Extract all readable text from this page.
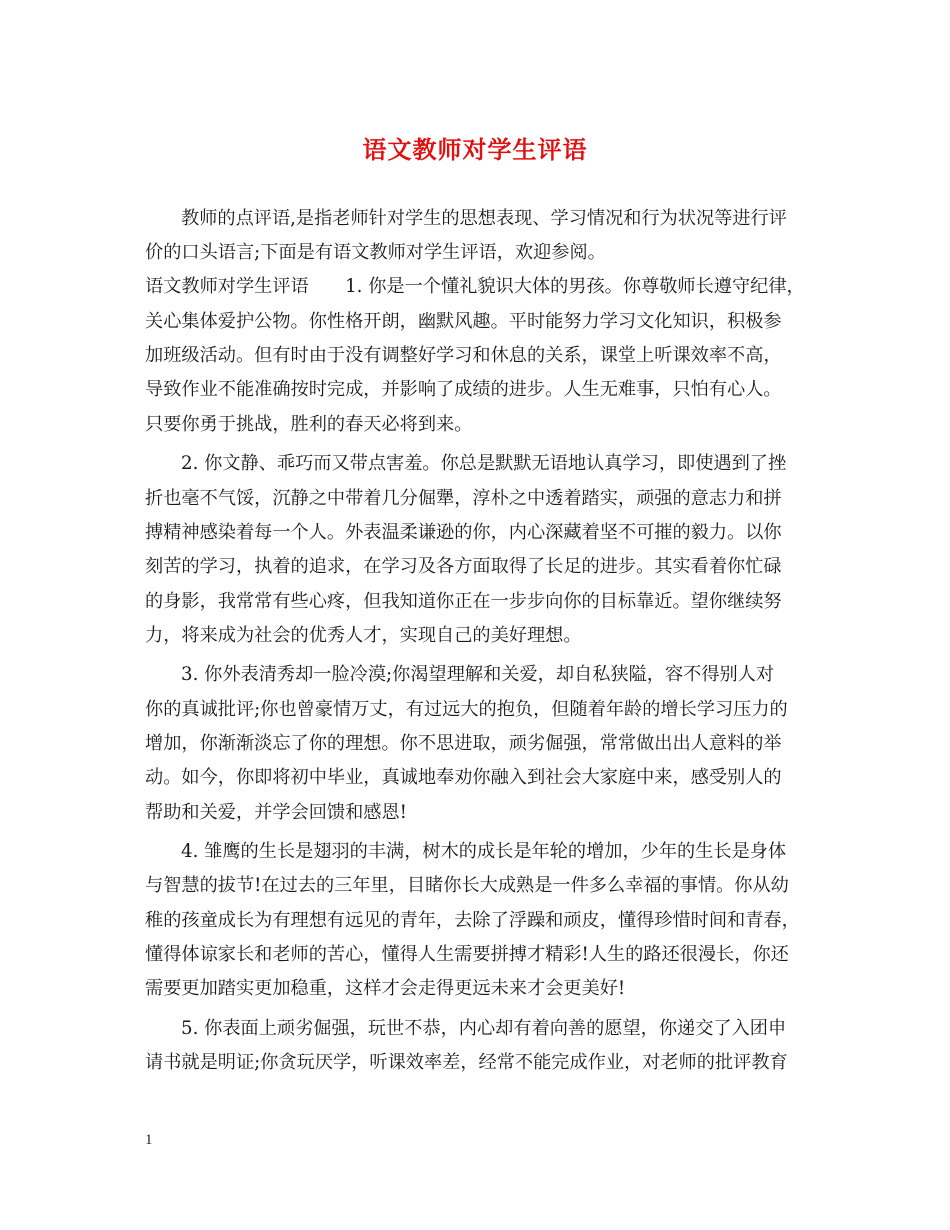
语文教师对学生评语
教师的点评语,是指老师针对学生的思想表现、学习情况和行为状况等进行评
价的口头语言;下面是有语文教师对学生评语，欢迎参阅。
语文教师对学生评语　　1. 你是一个懂礼貌识大体的男孩。你尊敬师长遵守纪律，
关心集体爱护公物。你性格开朗，幽默风趣。平时能努力学习文化知识，积极参
加班级活动。但有时由于没有调整好学习和休息的关系，课堂上听课效率不高，
导致作业不能准确按时完成，并影响了成绩的进步。人生无难事，只怕有心人。
只要你勇于挑战，胜利的春天必将到来。
2. 你文静、乖巧而又带点害羞。你总是默默无语地认真学习，即使遇到了挫
折也毫不气馁，沉静之中带着几分倔犟，淳朴之中透着踏实，顽强的意志力和拼
搏精神感染着每一个人。外表温柔谦逊的你，内心深藏着坚不可摧的毅力。以你
刻苦的学习，执着的追求，在学习及各方面取得了长足的进步。其实看着你忙碌
的身影，我常常有些心疼，但我知道你正在一步步向你的目标靠近。望你继续努
力，将来成为社会的优秀人才，实现自己的美好理想。
3. 你外表清秀却一脸冷漠;你渴望理解和关爱，却自私狭隘，容不得别人对
你的真诚批评;你也曾豪情万丈，有过远大的抱负，但随着年龄的增长学习压力的
增加，你渐渐淡忘了你的理想。你不思进取，顽劣倔强，常常做出出人意料的举
动。如今，你即将初中毕业，真诚地奉劝你融入到社会大家庭中来，感受别人的
帮助和关爱，并学会回馈和感恩!
4. 雏鹰的生长是翅羽的丰满，树木的成长是年轮的增加，少年的生长是身体
与智慧的拔节!在过去的三年里，目睹你长大成熟是一件多么幸福的事情。你从幼
稚的孩童成长为有理想有远见的青年，去除了浮躁和顽皮，懂得珍惜时间和青春，
懂得体谅家长和老师的苦心，懂得人生需要拼搏才精彩!人生的路还很漫长，你还
需要更加踏实更加稳重，这样才会走得更远未来才会更美好!
5. 你表面上顽劣倔强，玩世不恭，内心却有着向善的愿望，你递交了入团申
请书就是明证;你贪玩厌学，听课效率差，经常不能完成作业，对老师的批评教育
1
